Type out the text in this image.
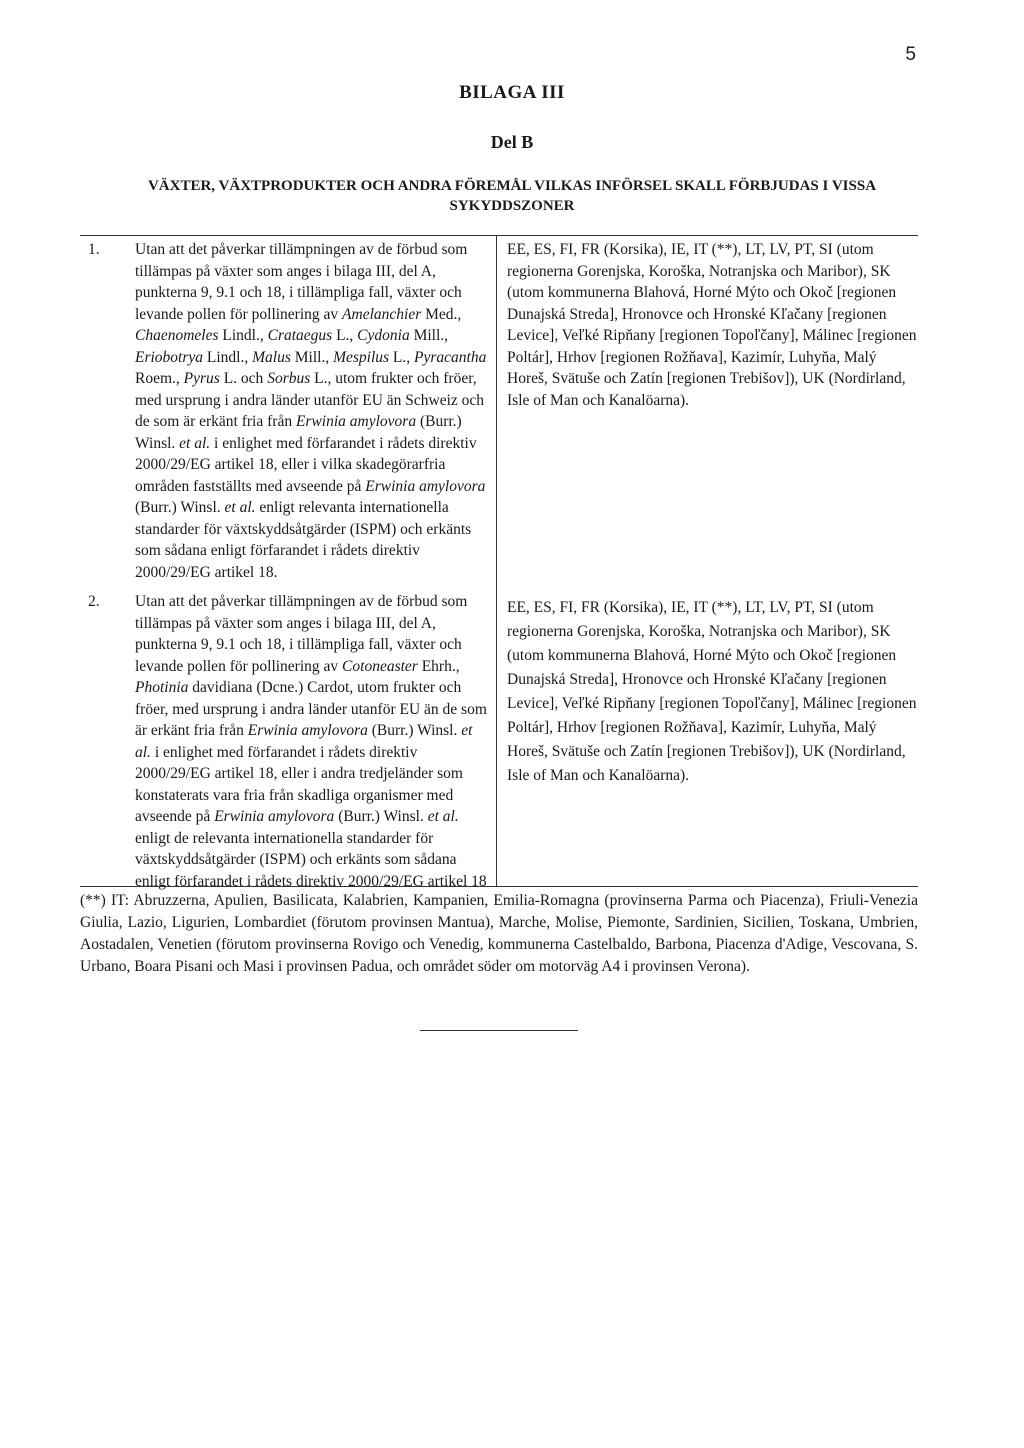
5
BILAGA III
Del B
VÄXTER, VÄXTPRODUKTER OCH ANDRA FÖREMÅL VILKAS INFÖRSEL SKALL FÖRBJUDAS I VISSA SYKYDDSZONER
1.	Utan att det påverkar tillämpningen av de förbud som tillämpas på växter som anges i bilaga III, del A, punkterna 9, 9.1 och 18, i tillämpliga fall, växter och levande pollen för pollinering av Amelanchier Med., Chaenomeles Lindl., Crataegus L., Cydonia Mill., Eriobotrya Lindl., Malus Mill., Mespilus L., Pyracantha Roem., Pyrus L. och Sorbus L., utom frukter och fröer, med ursprung i andra länder utanför EU än Schweiz och de som är erkänt fria från Erwinia amylovora (Burr.) Winsl. et al. i enlighet med förfarandet i rådets direktiv 2000/29/EG artikel 18, eller i vilka skadegörarfria områden fastställts med avseende på Erwinia amylovora (Burr.) Winsl. et al. enligt relevanta internationella standarder för växtskyddsåtgärder (ISPM) och erkänts som sådana enligt förfarandet i rådets direktiv 2000/29/EG artikel 18.
EE, ES, FI, FR (Korsika), IE, IT (**), LT, LV, PT, SI (utom regionerna Gorenjska, Koroška, Notranjska och Maribor), SK (utom kommunerna Blahová, Horné Mýto och Okoč [regionen Dunajská Streda], Hronovce och Hronské Kľačany [regionen Levice], Veľké Ripňany [regionen Topoľčany], Málinec [regionen Poltár], Hrhov [regionen Rožňava], Kazimír, Luhyňa, Malý Horeš, Svätuše och Zatín [regionen Trebišov]), UK (Nordirland, Isle of Man och Kanalöarna).
2.	Utan att det påverkar tillämpningen av de förbud som tillämpas på växter som anges i bilaga III, del A, punkterna 9, 9.1 och 18, i tillämpliga fall, växter och levande pollen för pollinering av Cotoneaster Ehrh., Photinia davidiana (Dcne.) Cardot, utom frukter och fröer, med ursprung i andra länder utanför EU än de som är erkänt fria från Erwinia amylovora (Burr.) Winsl. et al. i enlighet med förfarandet i rådets direktiv 2000/29/EG artikel 18, eller i andra tredjeländer som konstaterats vara fria från skadliga organismer med avseende på Erwinia amylovora (Burr.) Winsl. et al. enligt de relevanta internationella standarder för växtskyddsåtgärder (ISPM) och erkänts som sådana enligt förfarandet i rådets direktiv 2000/29/EG artikel 18
EE, ES, FI, FR (Korsika), IE, IT (**), LT, LV, PT, SI (utom regionerna Gorenjska, Koroška, Notranjska och Maribor), SK (utom kommunerna Blahová, Horné Mýto och Okoč [regionen Dunajská Streda], Hronovce och Hronské Kľačany [regionen Levice], Veľké Ripňany [regionen Topoľčany], Málinec [regionen Poltár], Hrhov [regionen Rožňava], Kazimír, Luhyňa, Malý Horeš, Svätuše och Zatín [regionen Trebišov]), UK (Nordirland, Isle of Man och Kanalöarna).
(**) IT: Abruzzerna, Apulien, Basilicata, Kalabrien, Kampanien, Emilia-Romagna (provinserna Parma och Piacenza), Friuli-Venezia Giulia, Lazio, Ligurien, Lombardiet (förutom provinsen Mantua), Marche, Molise, Piemonte, Sardinien, Sicilien, Toskana, Umbrien, Aostadalen, Venetien (förutom provinserna Rovigo och Venedig, kommunerna Castelbaldo, Barbona, Piacenza d'Adige, Vescovana, S. Urbano, Boara Pisani och Masi i provinsen Padua, och området söder om motorväg A4 i provinsen Verona).
